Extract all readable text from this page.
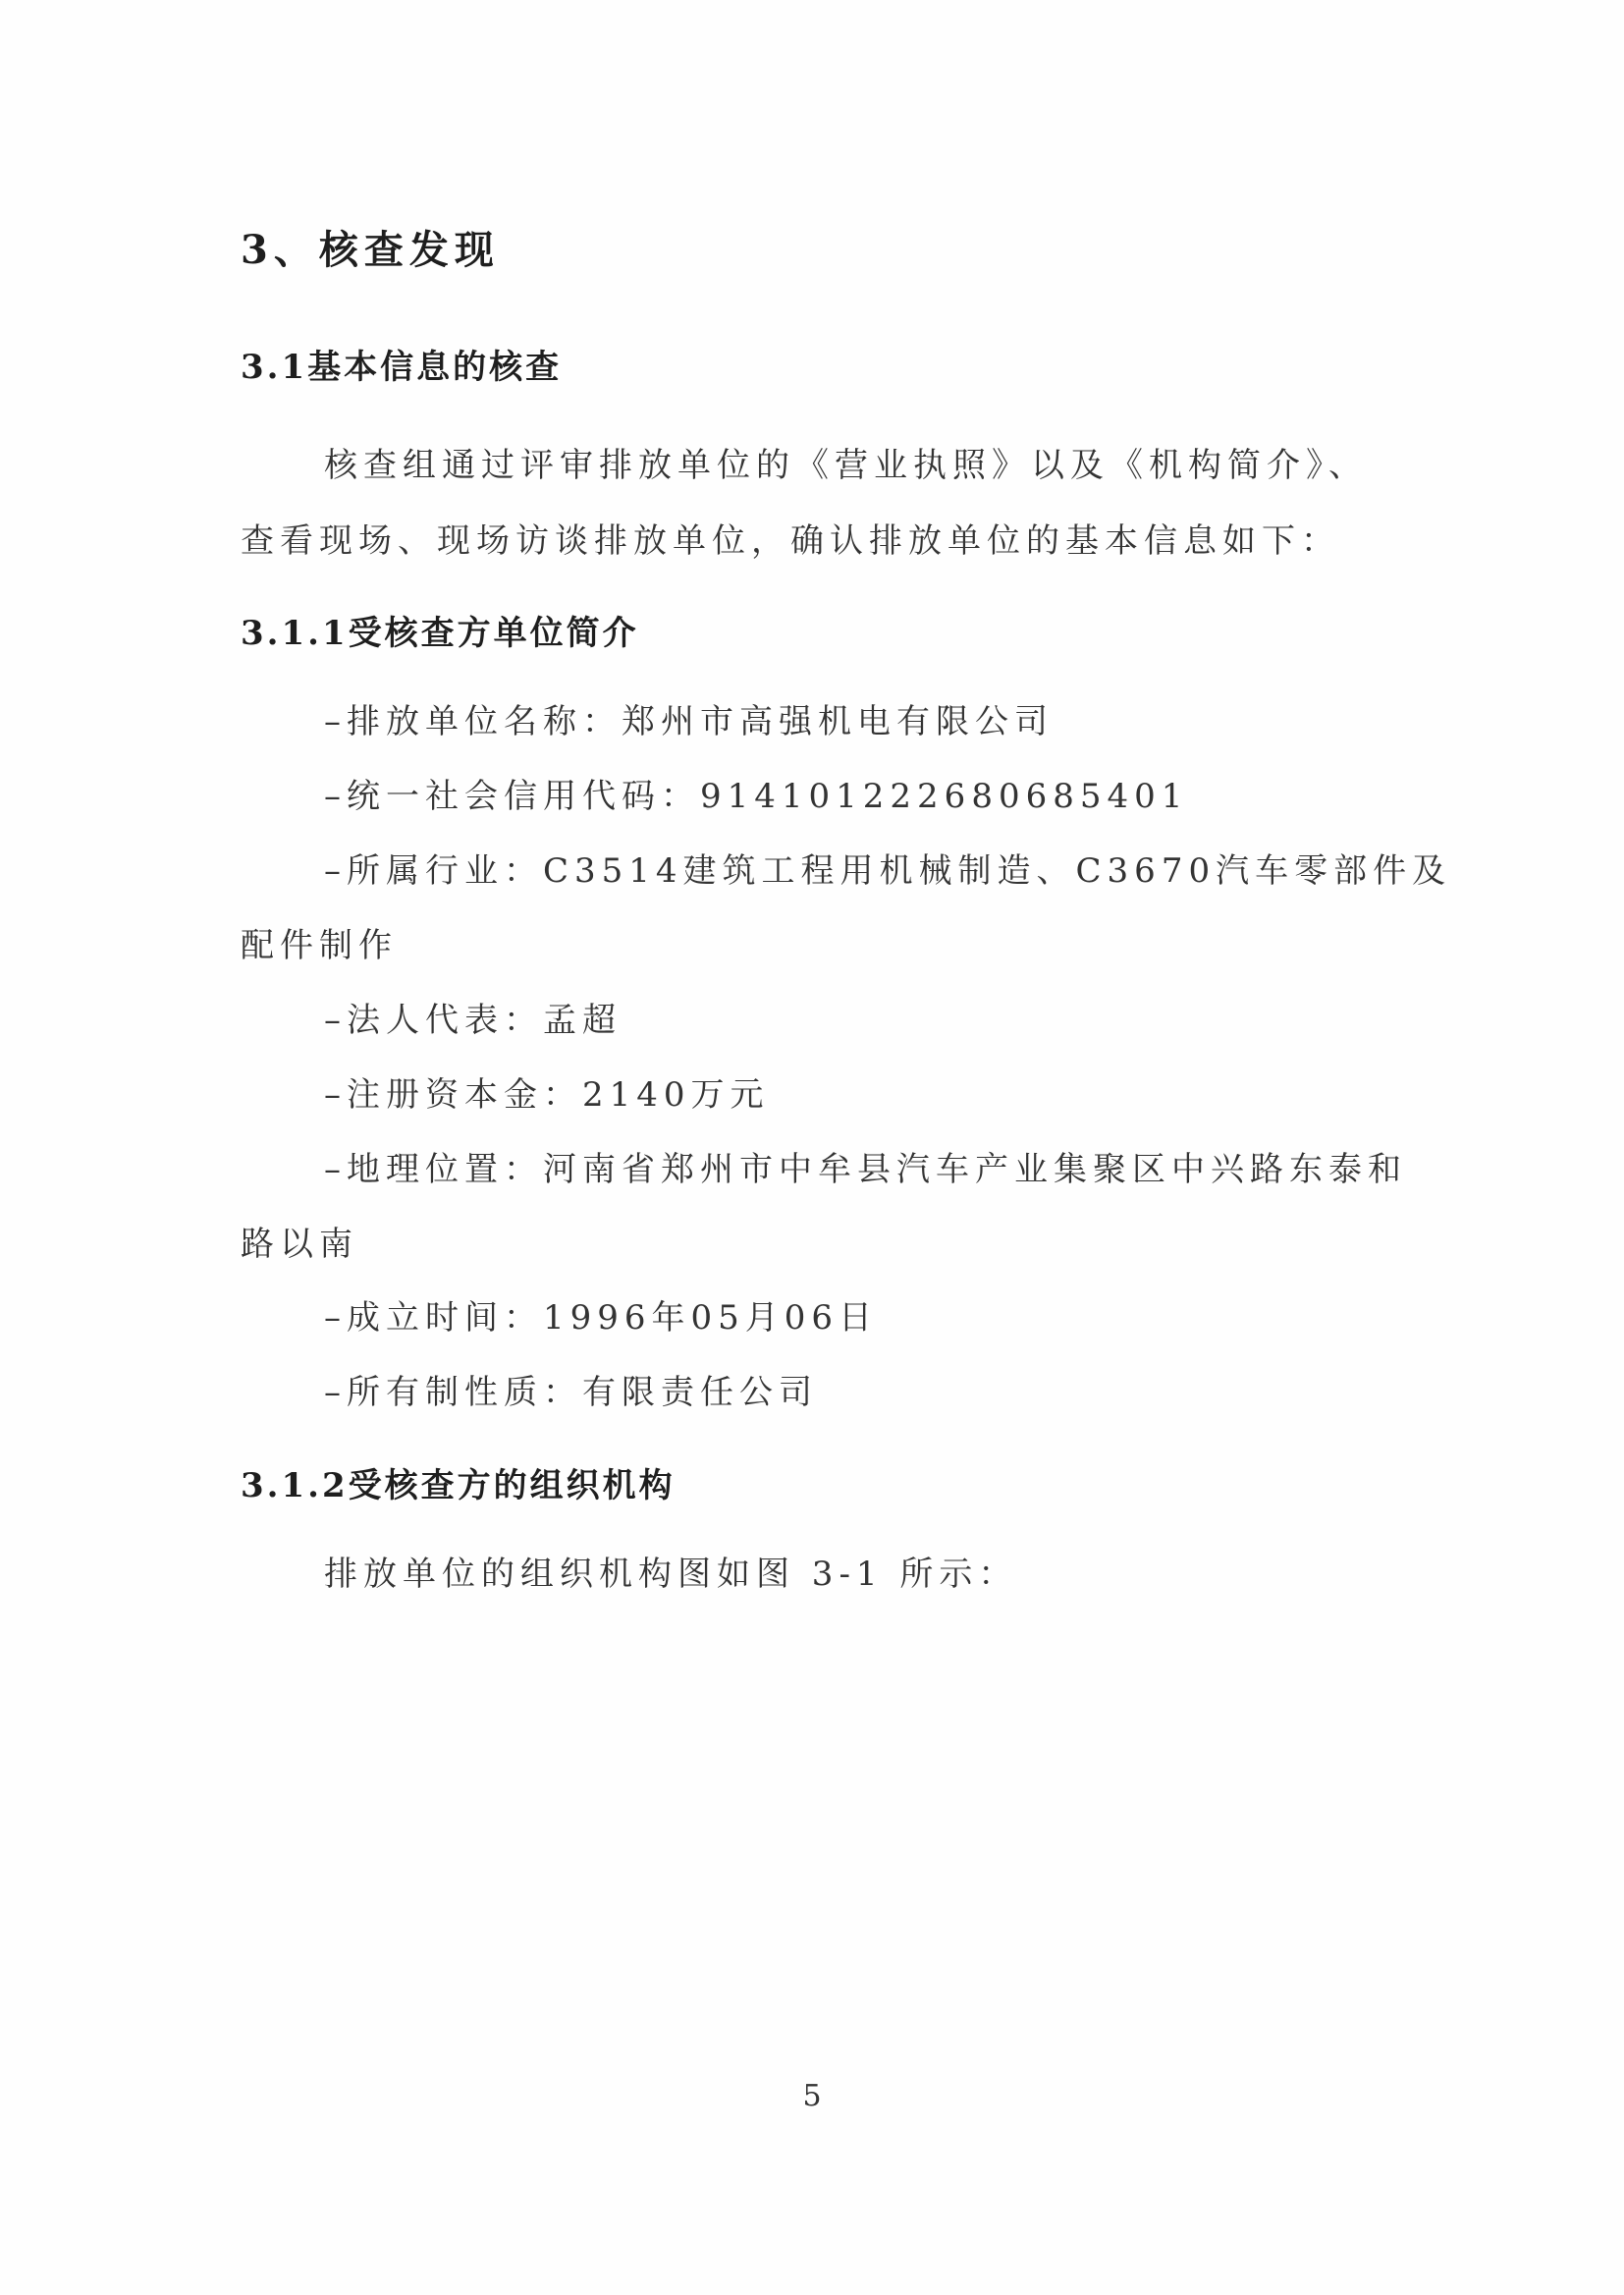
3、核查发现
3.1基本信息的核查
核查组通过评审排放单位的《营业执照》以及《机构简介》、
查看现场、现场访谈排放单位，确认排放单位的基本信息如下：
3.1.1受核查方单位简介
–排放单位名称：郑州市高强机电有限公司
–统一社会信用代码：914101222680685401
–所属行业：C3514建筑工程用机械制造、C3670汽车零部件及
配件制作
–法人代表：孟超
–注册资本金：2140万元
–地理位置：河南省郑州市中牟县汽车产业集聚区中兴路东泰和
路以南
–成立时间：1996年05月06日
–所有制性质：有限责任公司
3.1.2受核查方的组织机构
排放单位的组织机构图如图 3-1 所示：
5
